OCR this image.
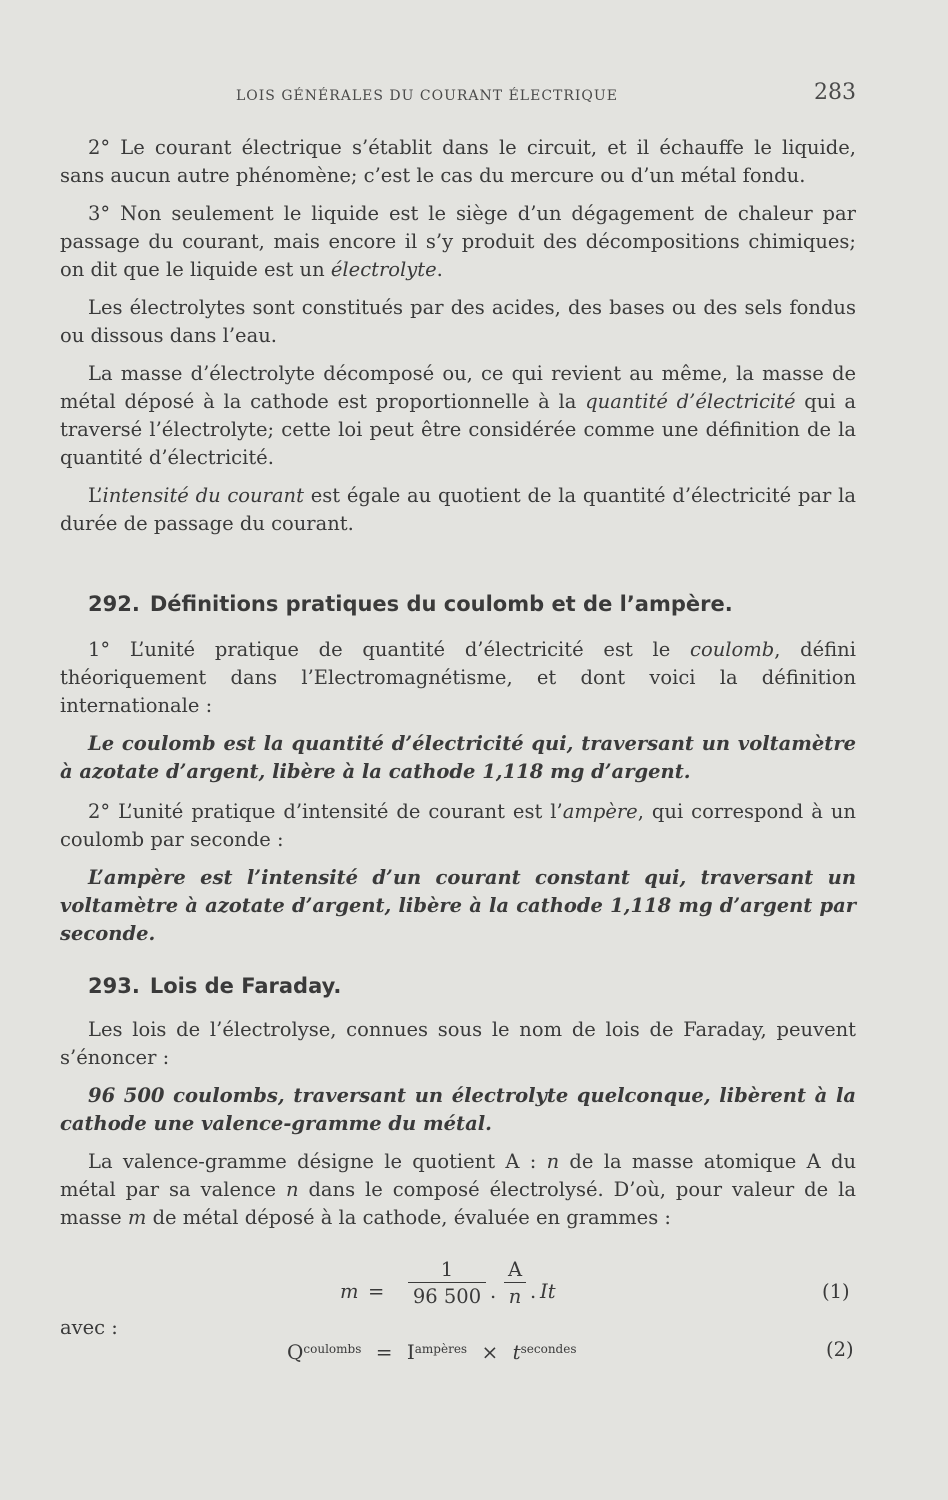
LOIS GÉNÉRALES DU COURANT ÉLECTRIQUE	283

2° Le courant électrique s’établit dans le circuit, et il échauffe le liquide, sans aucun autre phénomène; c’est le cas du mercure ou d’un métal fondu.

3° Non seulement le liquide est le siège d’un dégagement de chaleur par passage du courant, mais encore il s’y produit des décompositions chimiques; on dit que le liquide est un électrolyte.

Les électrolytes sont constitués par des acides, des bases ou des sels fondus ou dissous dans l’eau.

La masse d’électrolyte décomposé ou, ce qui revient au même, la masse de métal déposé à la cathode est proportionnelle à la quantité d’électricité qui a traversé l’électrolyte; cette loi peut être considérée comme une définition de la quantité d’électricité.

L’intensité du courant est égale au quotient de la quantité d’électricité par la durée de passage du courant.

292. Définitions pratiques du coulomb et de l’ampère.

1° L’unité pratique de quantité d’électricité est le coulomb, défini théoriquement dans l’Electromagnétisme, et dont voici la définition internationale :

Le coulomb est la quantité d’électricité qui, traversant un voltamètre à azotate d’argent, libère à la cathode 1,118 mg d’argent.

2° L’unité pratique d’intensité de courant est l’ampère, qui correspond à un coulomb par seconde :

L’ampère est l’intensité d’un courant constant qui, traversant un voltamètre à azotate d’argent, libère à la cathode 1,118 mg d’argent par seconde.

293. Lois de Faraday.

Les lois de l’électrolyse, connues sous le nom de lois de Faraday, peuvent s’énoncer :

96 500 coulombs, traversant un électrolyte quelconque, libèrent à la cathode une valence-gramme du métal.

La valence-gramme désigne le quotient A : n de la masse atomique A du métal par sa valence n dans le composé électrolysé. D’où, pour valeur de la masse m de métal déposé à la cathode, évaluée en grammes :

m =
1
96 500 .
A
n . It	(1)
avec :
$Q^{coulombs} = I^{ampères} \times t^{secondes}$	(2)
